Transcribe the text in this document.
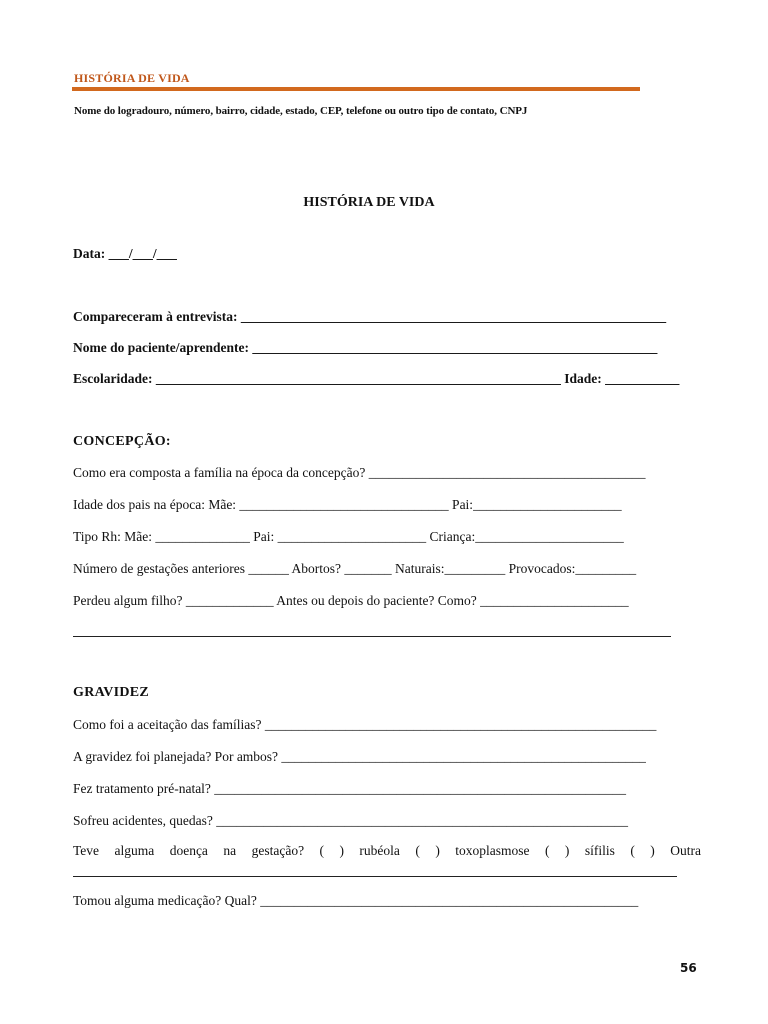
HISTÓRIA DE VIDA
Nome do logradouro, número, bairro, cidade, estado, CEP, telefone ou outro tipo de contato, CNPJ
HISTÓRIA DE VIDA
Data: ___/___/___
Compareceram à entrevista: _______________________________________________________________
Nome do paciente/aprendente: ____________________________________________________________
Escolaridade: ____________________________________________________________ Idade: ___________
CONCEPÇÃO:
Como era composta a família na época da concepção? _________________________________________
Idade dos pais na época: Mãe: _______________________________ Pai:______________________
Tipo Rh: Mãe: ______________ Pai: ______________________ Criança:______________________
Número de gestações anteriores ______ Abortos? _______ Naturais:_________ Provocados:_________
Perdeu algum filho? _____________ Antes ou depois do paciente? Como? ______________________
GRAVIDEZ
Como foi a aceitação das famílias? __________________________________________________________
A gravidez foi planejada? Por ambos? ______________________________________________________
Fez tratamento pré-natal? _____________________________________________________________
Sofreu acidentes, quedas? _____________________________________________________________
Teve alguma doença na gestação? ( ) rubéola ( ) toxoplasmose ( ) sífilis ( ) Outra
Tomou alguma medicação? Qual? ________________________________________________________
56
